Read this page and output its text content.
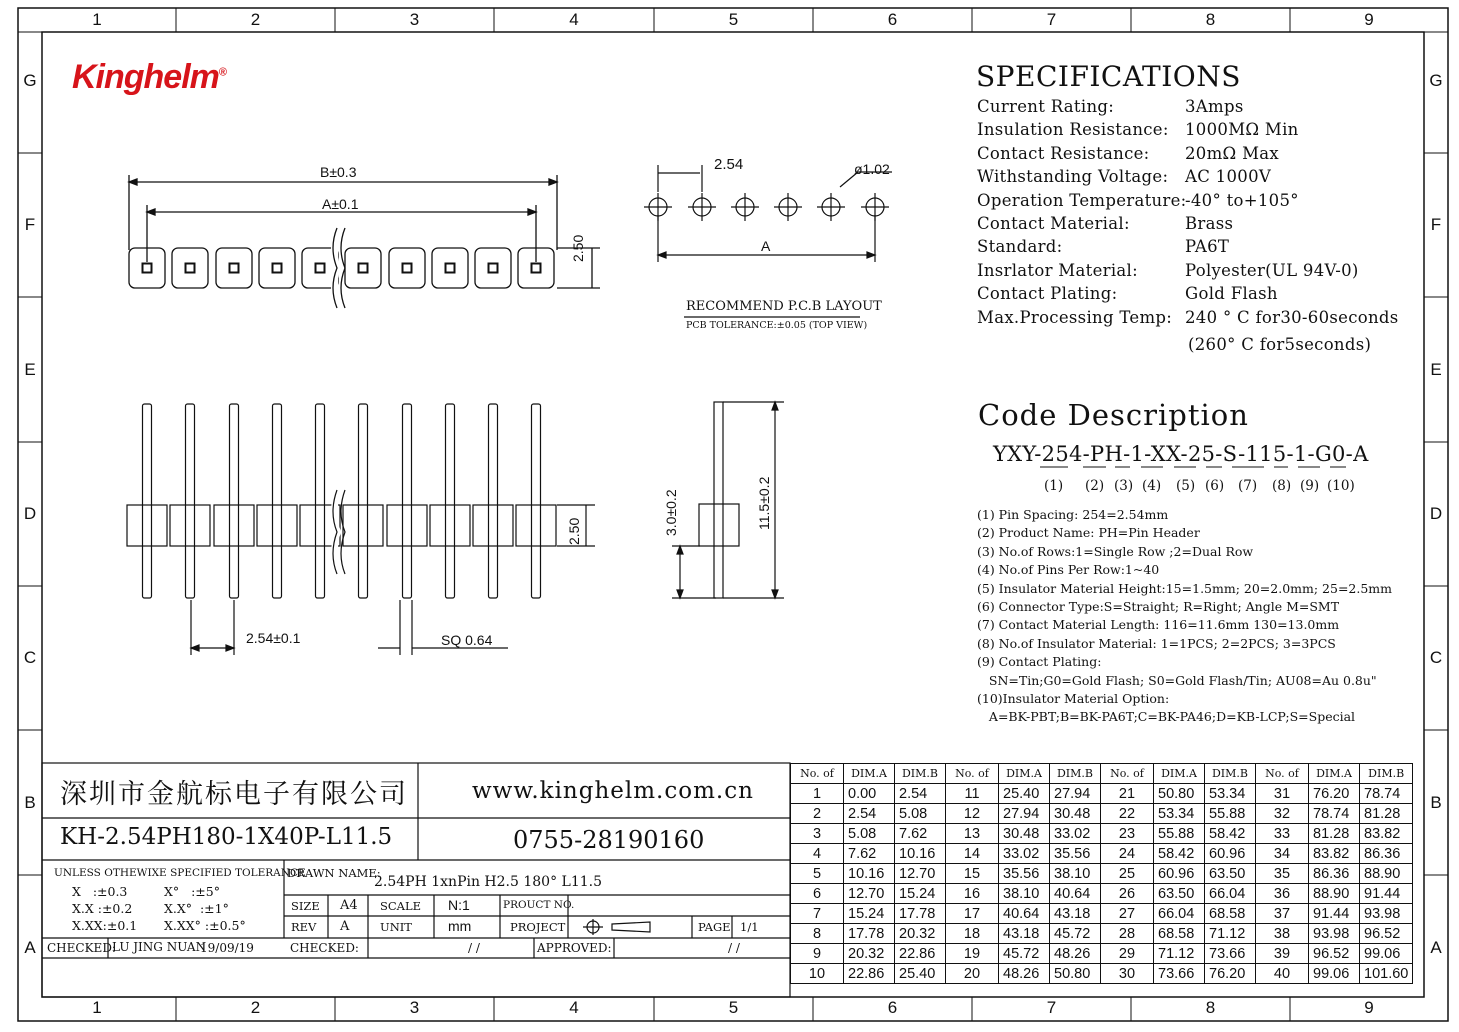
1
1
2
2
3
3
4
4
5
5
6
6
7
7
8
8
9
9
G	G
F	F
E	E
D	D
C	C
B	B
A	A
Kinghelm®
B±0.3
A±0.1
2.50
2.54	ø1.02
A
RECOMMEND P.C.B LAYOUT
PCB TOLERANCE:±0.05 (TOP VIEW)
2.50	3.0±0.2	11.5±0.2
2.54±0.1	SQ 0.64
SPECIFICATIONS
Current Rating:	3Amps
Insulation Resistance: 1000MΩ Min
Contact Resistance: 20mΩ Max
Withstanding Voltage: AC 1000V
Operation Temperature:-40° to+105°
Contact Material:	Brass
Standard:	PA6T
Insrlator Material:	Polyester(UL 94V-0)
Contact Plating:	Gold Flash
Max.Processing Temp: 240 ° C for30-60seconds
(260° C for5seconds)
Code Description
YXY-254-PH-1-XX-25-S-115-1-G0-A
(1) (2) (3) (4) (5) (6) (7) (8) (9) (10)
(1) Pin Spacing: 254=2.54mm
(2) Product Name: PH=Pin Header
(3) No.of Rows:1=Single Row ;2=Dual Row
(4) No.of Pins Per Row:1~40
(5) Insulator Material Height:15=1.5mm; 20=2.0mm; 25=2.5mm
(6) Connector Type:S=Straight; R=Right; Angle M=SMT
(7) Contact Material Length: 116=11.6mm 130=13.0mm
(8) No.of Insulator Material: 1=1PCS; 2=2PCS; 3=3PCS
(9) Contact Plating:
SN=Tin;G0=Gold Flash; S0=Gold Flash/Tin; AU08=Au 0.8u"
(10)Insulator Material Option:
A=BK-PBT;B=BK-PA6T;C=BK-PA46;D=KB-LCP;S=Special
深圳市金航标电子有限公司	www.kinghelm.com.cn
KH-2.54PH180-1X40P-L11.5	0755-28190160
UNLESS OTHEWIXE SPECIFIED TOLERANCE
X   :±0.3	X°   :±5°
X.X :±0.2	X.X°  :±1°
X.XX:±0.1 X.XX° :±0.5°
DRAWN NAME:
2.54PH 1xnPin H2.5 180° L11.5
SIZE A4 SCALE N:1	PROUCT NO.
REV A	UNIT	mm	PROJECT	PAGE 1/1
CHECKED:
LU JING NUAN
19/09/19	CHECKED:	/ /	APPROVED:	/ /
No. of	DIM.A	DIM.B	No. of	DIM.A	DIM.B	No. of	DIM.A	DIM.B	No. of	DIM.A	DIM.B
1	0.00	2.54	11	25.40	27.94	21	50.80	53.34	31	76.20	78.74
2	2.54	5.08	12	27.94	30.48	22	53.34	55.88	32	78.74	81.28
3	5.08	7.62	13	30.48	33.02	23	55.88	58.42	33	81.28	83.82
4	7.62	10.16	14	33.02	35.56	24	58.42	60.96	34	83.82	86.36
5	10.16	12.70	15	35.56	38.10	25	60.96	63.50	35	86.36	88.90
6	12.70	15.24	16	38.10	40.64	26	63.50	66.04	36	88.90	91.44
7	15.24	17.78	17	40.64	43.18	27	66.04	68.58	37	91.44	93.98
8	17.78	20.32	18	43.18	45.72	28	68.58	71.12	38	93.98	96.52
9	20.32	22.86	19	45.72	48.26	29	71.12	73.66	39	96.52	99.06
10	22.86	25.40	20	48.26	50.80	30	73.66	76.20	40	99.06	101.60
